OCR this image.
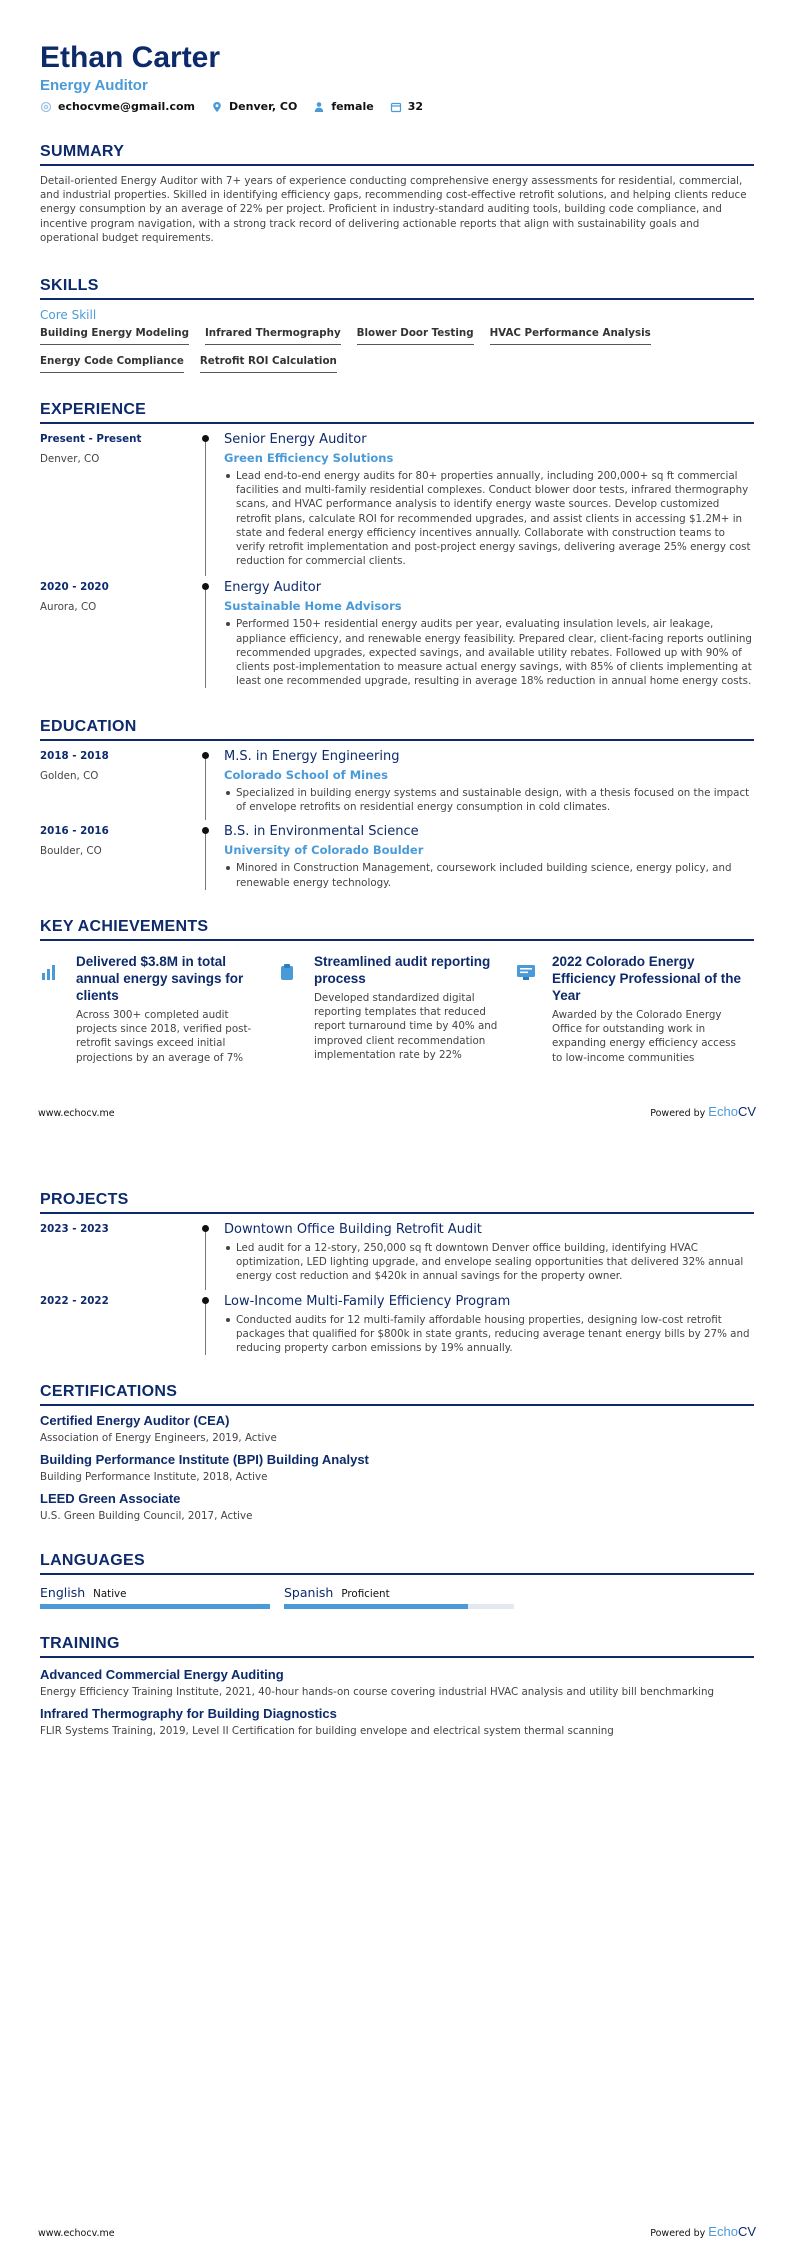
Ethan Carter
Energy Auditor
echocvme@gmail.com	Denver, CO	female	32
SUMMARY
Detail-oriented Energy Auditor with 7+ years of experience conducting comprehensive energy assessments for residential, commercial, and industrial properties. Skilled in identifying efficiency gaps, recommending cost-effective retrofit solutions, and helping clients reduce energy consumption by an average of 22% per project. Proficient in industry-standard auditing tools, building code compliance, and incentive program navigation, with a strong track record of delivering actionable reports that align with sustainability goals and operational budget requirements.
SKILLS
Core Skill
Building Energy Modeling Infrared Thermography Blower Door Testing HVAC Performance Analysis
Energy Code Compliance Retrofit ROI Calculation
EXPERIENCE
Present - Present
Denver, CO
Senior Energy Auditor
Green Efficiency Solutions
Lead end-to-end energy audits for 80+ properties annually, including 200,000+ sq ft commercial facilities and multi-family residential complexes. Conduct blower door tests, infrared thermography scans, and HVAC performance analysis to identify energy waste sources. Develop customized retrofit plans, calculate ROI for recommended upgrades, and assist clients in accessing $1.2M+ in state and federal energy efficiency incentives annually. Collaborate with construction teams to verify retrofit implementation and post-project energy savings, delivering average 25% energy cost reduction for commercial clients.
2020 - 2020
Aurora, CO
Energy Auditor
Sustainable Home Advisors
Performed 150+ residential energy audits per year, evaluating insulation levels, air leakage, appliance efficiency, and renewable energy feasibility. Prepared clear, client-facing reports outlining recommended upgrades, expected savings, and available utility rebates. Followed up with 90% of clients post-implementation to measure actual energy savings, with 85% of clients implementing at least one recommended upgrade, resulting in average 18% reduction in annual home energy costs.
EDUCATION
2018 - 2018
Golden, CO
M.S. in Energy Engineering
Colorado School of Mines
Specialized in building energy systems and sustainable design, with a thesis focused on the impact of envelope retrofits on residential energy consumption in cold climates.
2016 - 2016
Boulder, CO
B.S. in Environmental Science
University of Colorado Boulder
Minored in Construction Management, coursework included building science, energy policy, and renewable energy technology.
KEY ACHIEVEMENTS
Delivered $3.8M in total annual energy savings for clients
Across 300+ completed audit projects since 2018, verified post-retrofit savings exceed initial projections by an average of 7%
Streamlined audit reporting process
Developed standardized digital reporting templates that reduced report turnaround time by 40% and improved client recommendation implementation rate by 22%
2022 Colorado Energy Efficiency Professional of the Year
Awarded by the Colorado Energy Office for outstanding work in expanding energy efficiency access to low-income communities
www.echocv.me	Powered by EchoCV
PROJECTS
2023 - 2023	Downtown Office Building Retrofit Audit
Led audit for a 12-story, 250,000 sq ft downtown Denver office building, identifying HVAC optimization, LED lighting upgrade, and envelope sealing opportunities that delivered 32% annual energy cost reduction and $420k in annual savings for the property owner.
2022 - 2022	Low-Income Multi-Family Efficiency Program
Conducted audits for 12 multi-family affordable housing properties, designing low-cost retrofit packages that qualified for $800k in state grants, reducing average tenant energy bills by 27% and reducing property carbon emissions by 19% annually.
CERTIFICATIONS
Certified Energy Auditor (CEA)
Association of Energy Engineers, 2019, Active
Building Performance Institute (BPI) Building Analyst
Building Performance Institute, 2018, Active
LEED Green Associate
U.S. Green Building Council, 2017, Active
LANGUAGES
English Native	Spanish Proficient
TRAINING
Advanced Commercial Energy Auditing
Energy Efficiency Training Institute, 2021, 40-hour hands-on course covering industrial HVAC analysis and utility bill benchmarking
Infrared Thermography for Building Diagnostics
FLIR Systems Training, 2019, Level II Certification for building envelope and electrical system thermal scanning
www.echocv.me	Powered by EchoCV
